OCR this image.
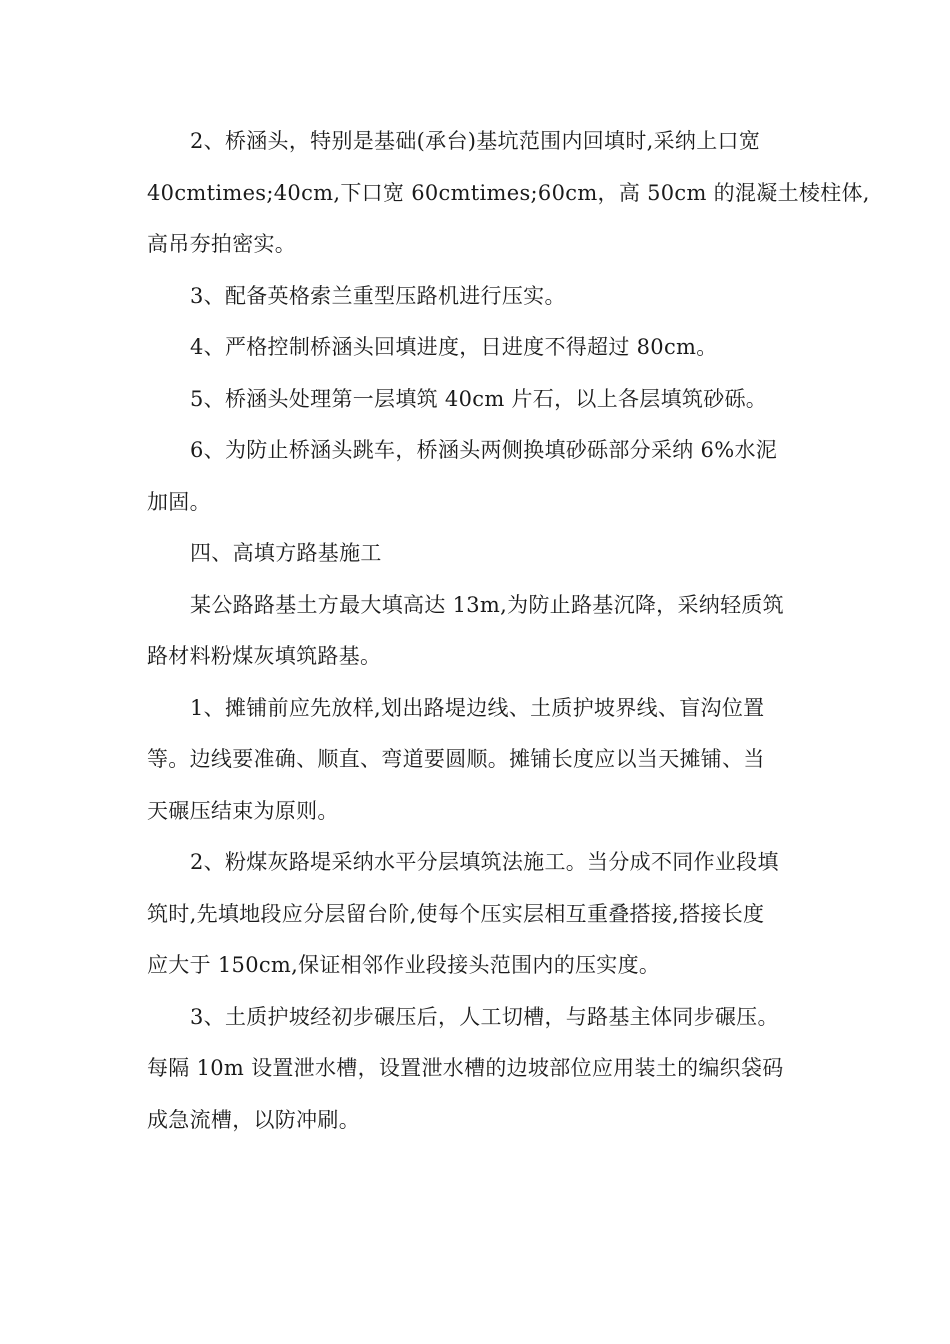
2、桥涵头，特别是基础(承台)基坑范围内回填时,采纳上口宽
40cmtimes;40cm,下口宽 60cmtimes;60cm，高 50cm 的混凝土棱柱体,
高吊夯拍密实。

3、配备英格索兰重型压路机进行压实。

4、严格控制桥涵头回填进度，日进度不得超过 80cm。

5、桥涵头处理第一层填筑 40cm 片石，以上各层填筑砂砾。

6、为防止桥涵头跳车，桥涵头两侧换填砂砾部分采纳 6%水泥
加固。

四、高填方路基施工

某公路路基土方最大填高达 13m,为防止路基沉降，采纳轻质筑
路材料粉煤灰填筑路基。

1、摊铺前应先放样,划出路堤边线、土质护坡界线、盲沟位置
等。边线要准确、顺直、弯道要圆顺。摊铺长度应以当天摊铺、当
天碾压结束为原则。

2、粉煤灰路堤采纳水平分层填筑法施工。当分成不同作业段填
筑时,先填地段应分层留台阶,使每个压实层相互重叠搭接,搭接长度
应大于 150cm,保证相邻作业段接头范围内的压实度。

3、土质护坡经初步碾压后，人工切槽，与路基主体同步碾压。
每隔 10m 设置泄水槽，设置泄水槽的边坡部位应用装土的编织袋码
成急流槽，以防冲刷。
